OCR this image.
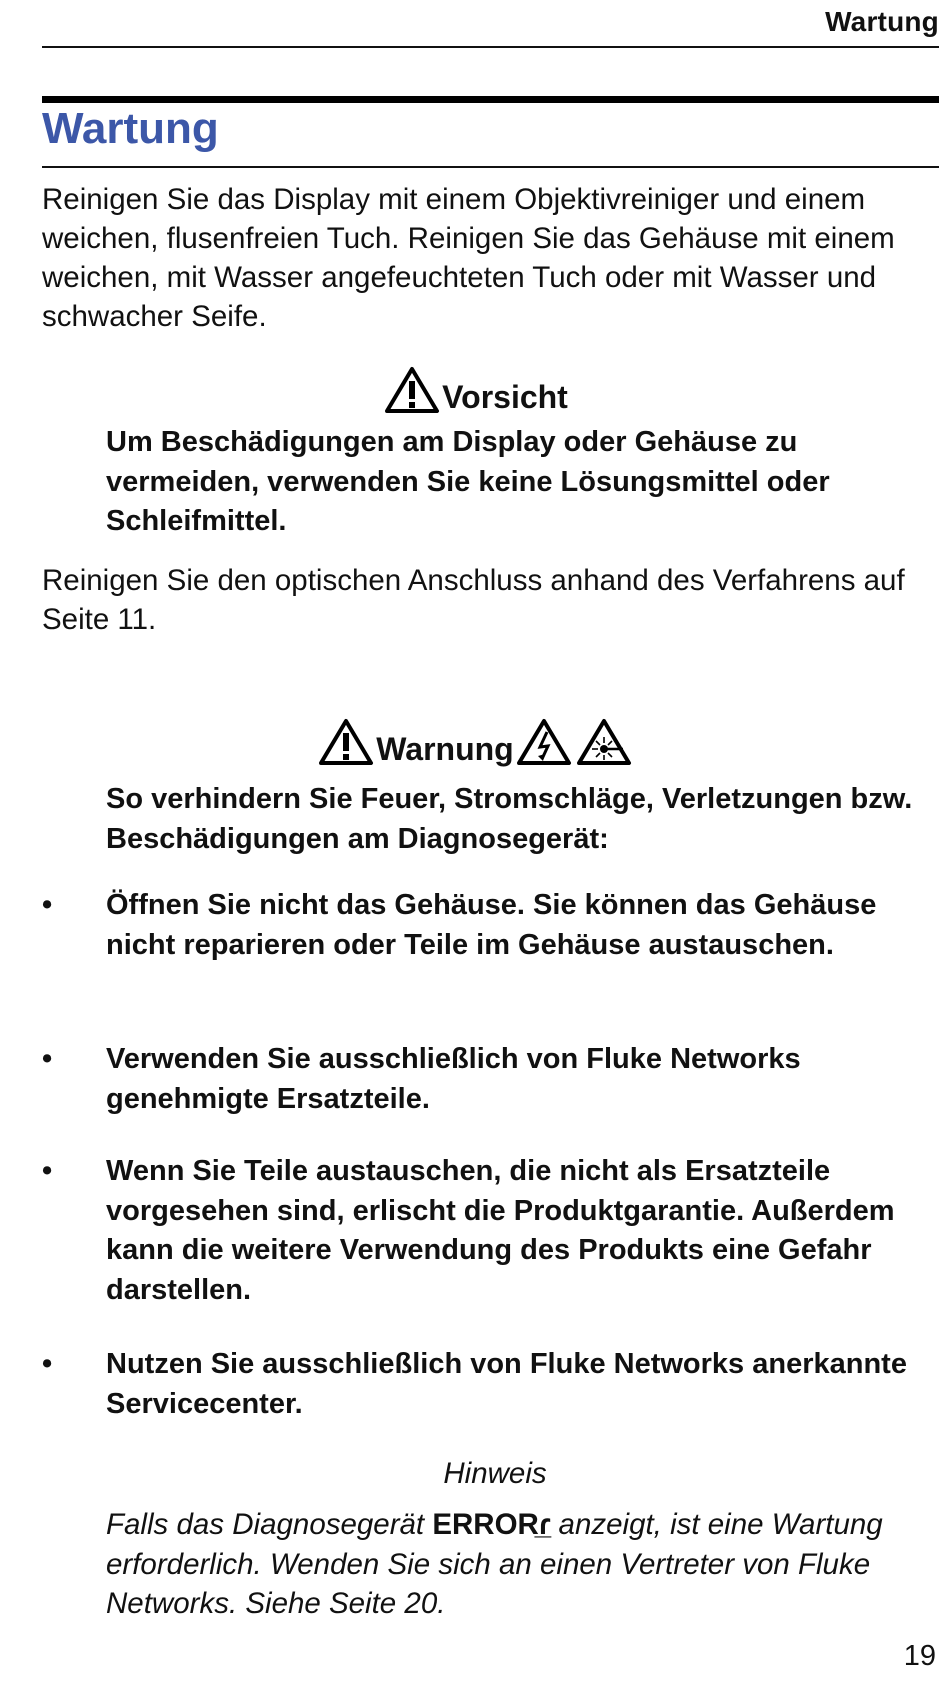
Wartung
Wartung
Reinigen Sie das Display mit einem Objektivreiniger und einem weichen, flusenfreien Tuch. Reinigen Sie das Gehäuse mit einem weichen, mit Wasser angefeuchteten Tuch oder mit Wasser und schwacher Seife.
Vorsicht
Um Beschädigungen am Display oder Gehäuse zu vermeiden, verwenden Sie keine Lösungsmittel oder Schleifmittel.
Reinigen Sie den optischen Anschluss anhand des Verfahrens auf Seite 11.
Warnung
So verhindern Sie Feuer, Stromschläge, Verletzungen bzw. Beschädigungen am Diagnosegerät:
•	Öffnen Sie nicht das Gehäuse. Sie können das Gehäuse nicht reparieren oder Teile im Gehäuse austauschen.
•	Verwenden Sie ausschließlich von Fluke Networks genehmigte Ersatzteile.
•	Wenn Sie Teile austauschen, die nicht als Ersatzteile vorgesehen sind, erlischt die Produktgarantie. Außerdem kann die weitere Verwendung des Produkts eine Gefahr darstellen.
•	Nutzen Sie ausschließlich von Fluke Networks anerkannte Servicecenter.
Hinweis
Falls das Diagnosegerät ERRORɾ̲ anzeigt, ist eine Wartung erforderlich. Wenden Sie sich an einen Vertreter von Fluke Networks. Siehe Seite 20.
19
